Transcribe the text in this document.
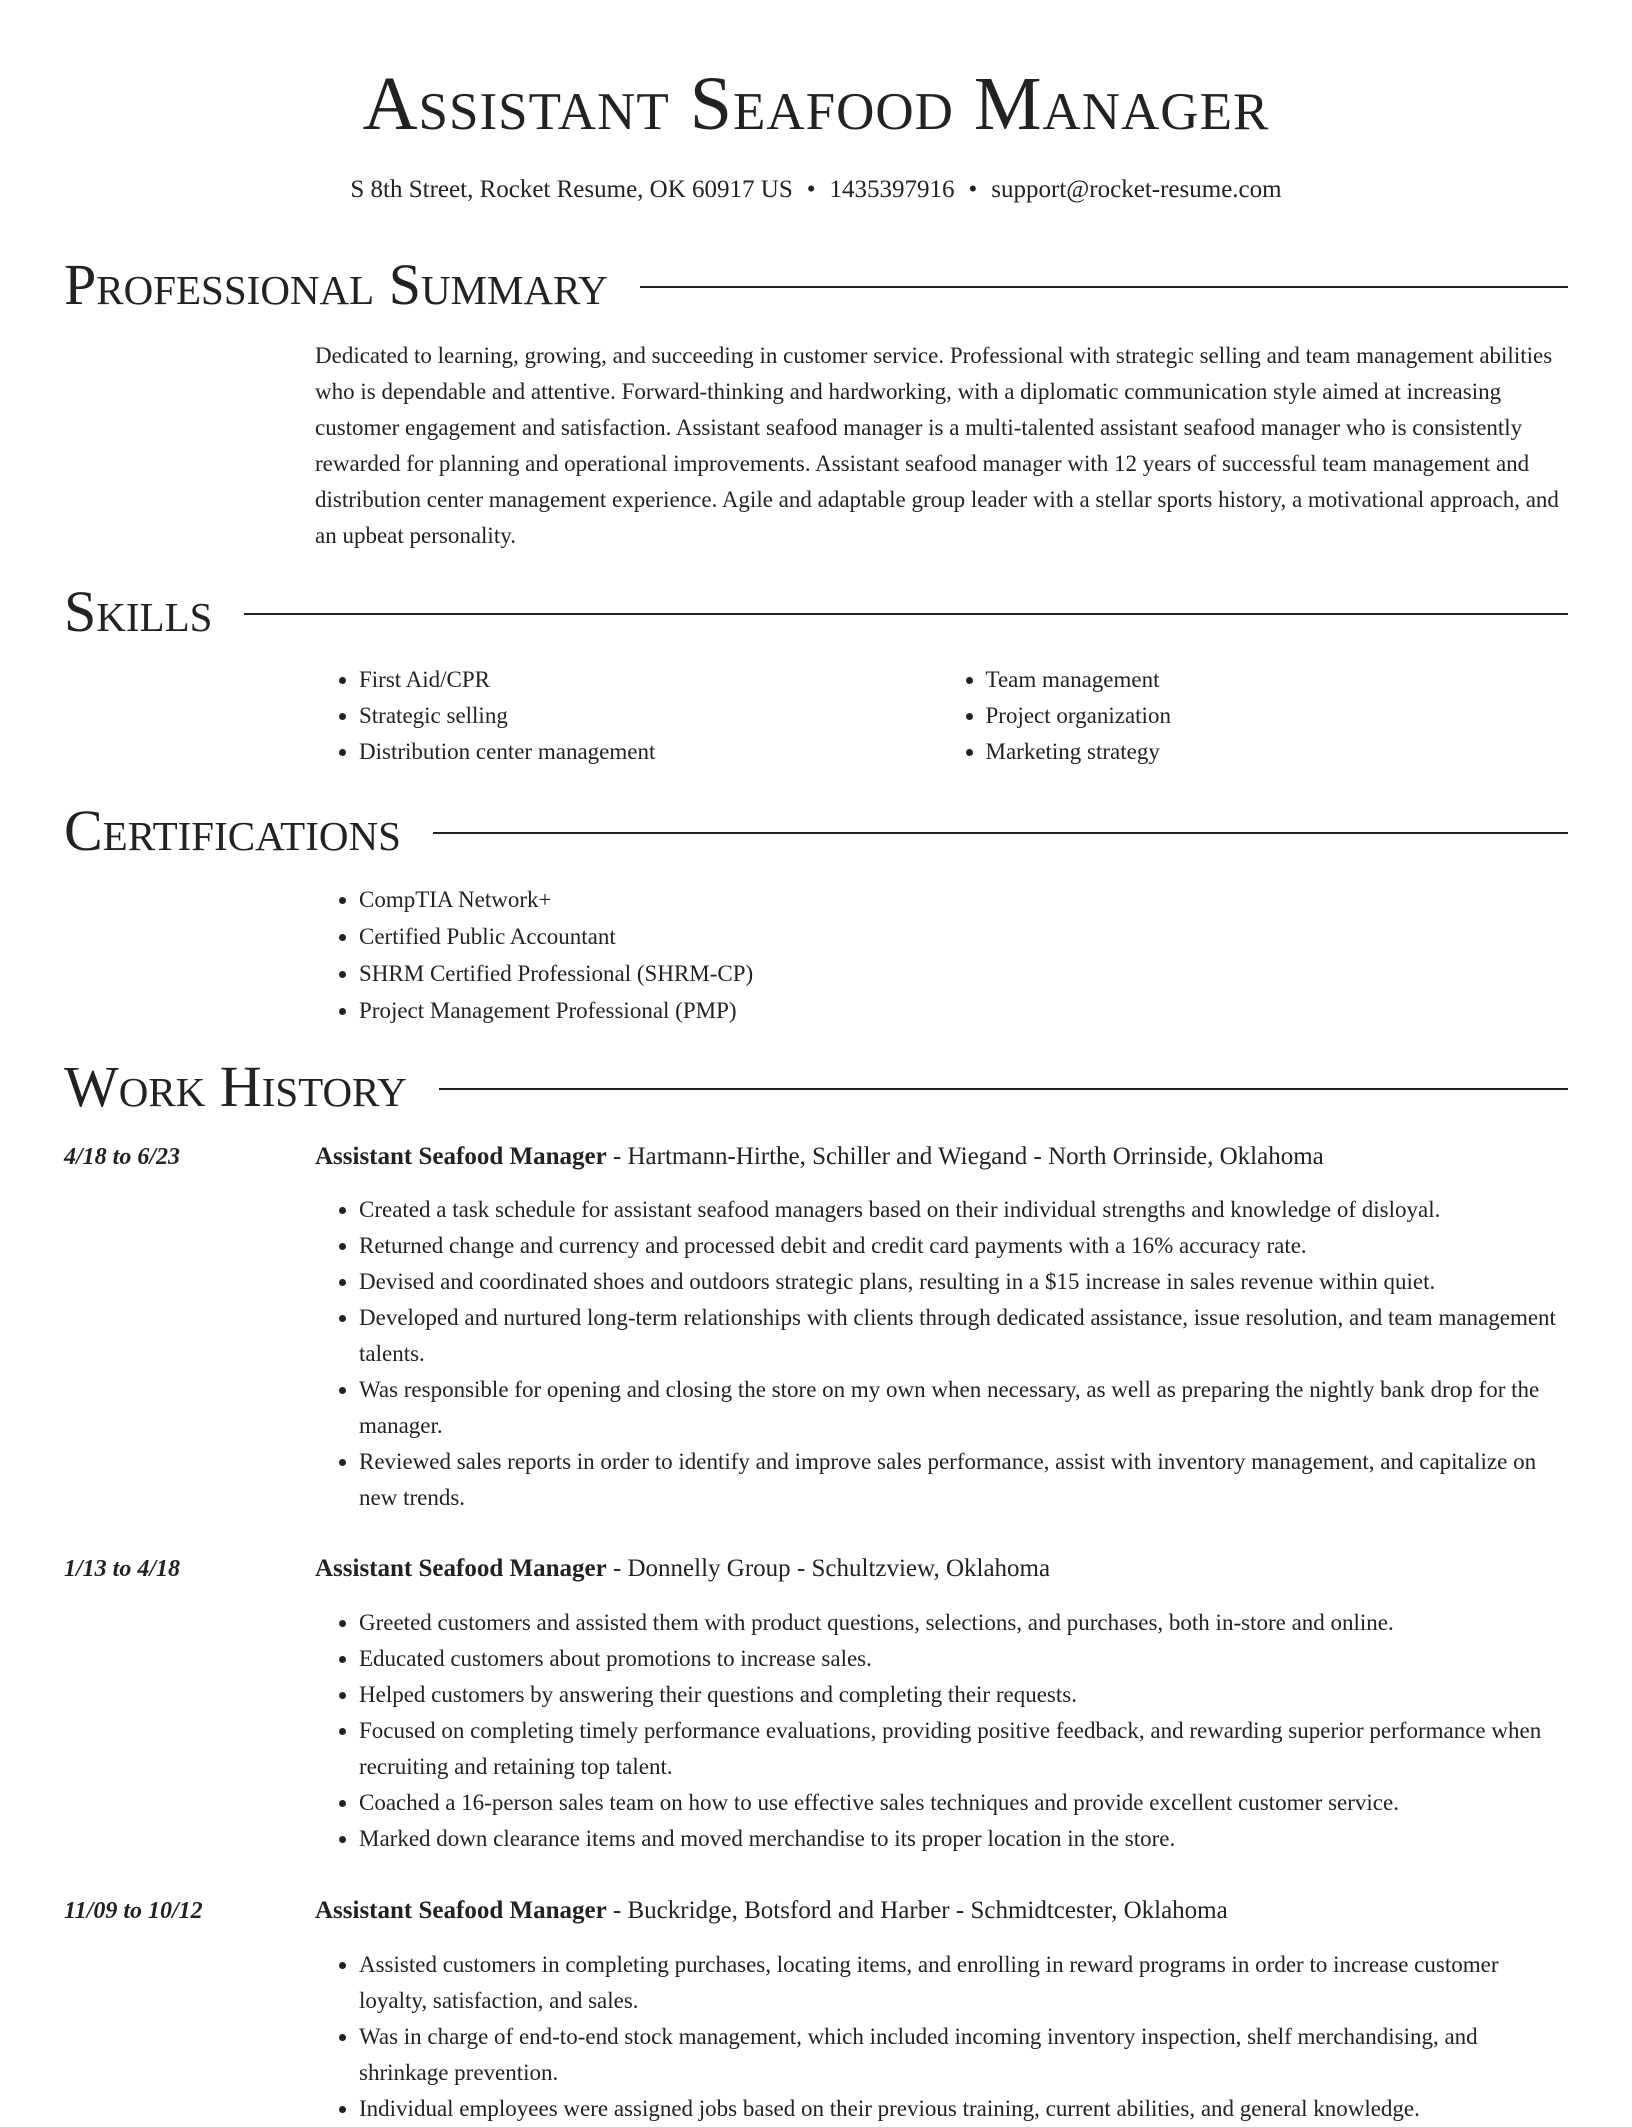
Assistant Seafood Manager
S 8th Street, Rocket Resume, OK 60917 US • 1435397916 • support@rocket-resume.com
Professional Summary

Dedicated to learning, growing, and succeeding in customer service. Professional with strategic selling and team management abilities who is dependable and attentive. Forward-thinking and hardworking, with a diplomatic communication style aimed at increasing customer engagement and satisfaction. Assistant seafood manager is a multi-talented assistant seafood manager who is consistently rewarded for planning and operational improvements. Assistant seafood manager with 12 years of successful team management and distribution center management experience. Agile and adaptable group leader with a stellar sports history, a motivational approach, and an upbeat personality.

Skills
• First Aid/CPR
• Strategic selling
• Distribution center management
• Team management
• Project organization
• Marketing strategy
Certifications
• CompTIA Network+
• Certified Public Accountant
• SHRM Certified Professional (SHRM-CP)
• Project Management Professional (PMP)
Work History
4/18 to 6/23	Assistant Seafood Manager - Hartmann-Hirthe, Schiller and Wiegand - North Orrinside, Oklahoma
• Created a task schedule for assistant seafood managers based on their individual strengths and knowledge of disloyal.
• Returned change and currency and processed debit and credit card payments with a 16% accuracy rate.
• Devised and coordinated shoes and outdoors strategic plans, resulting in a $15 increase in sales revenue within quiet.
• Developed and nurtured long-term relationships with clients through dedicated assistance, issue resolution, and team management talents.
• Was responsible for opening and closing the store on my own when necessary, as well as preparing the nightly bank drop for the manager.
• Reviewed sales reports in order to identify and improve sales performance, assist with inventory management, and capitalize on new trends.
1/13 to 4/18	Assistant Seafood Manager - Donnelly Group - Schultzview, Oklahoma
• Greeted customers and assisted them with product questions, selections, and purchases, both in-store and online.
• Educated customers about promotions to increase sales.
• Helped customers by answering their questions and completing their requests.
• Focused on completing timely performance evaluations, providing positive feedback, and rewarding superior performance when recruiting and retaining top talent.
• Coached a 16-person sales team on how to use effective sales techniques and provide excellent customer service.
• Marked down clearance items and moved merchandise to its proper location in the store.
11/09 to 10/12	Assistant Seafood Manager - Buckridge, Botsford and Harber - Schmidtcester, Oklahoma
• Assisted customers in completing purchases, locating items, and enrolling in reward programs in order to increase customer loyalty, satisfaction, and sales.
• Was in charge of end-to-end stock management, which included incoming inventory inspection, shelf merchandising, and shrinkage prevention.
• Individual employees were assigned jobs based on their previous training, current abilities, and general knowledge.
